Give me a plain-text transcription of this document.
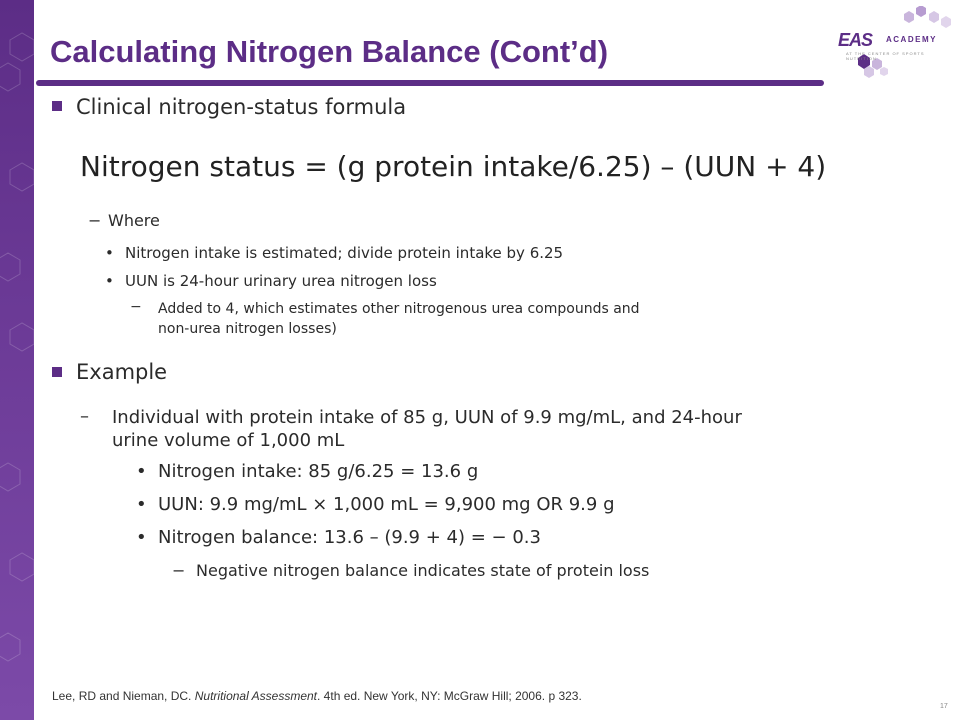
Calculating Nitrogen Balance (Cont’d)	EAS ACADEMY
AT THE CENTER OF SPORTS NUTRITION
Clinical nitrogen-status formula
Nitrogen status = (g protein intake/6.25) – (UUN + 4)
− Where
• Nitrogen intake is estimated; divide protein intake by 6.25
• UUN is 24-hour urinary urea nitrogen loss
− Added to 4, which estimates other nitrogenous urea compounds and
non-urea nitrogen losses)
Example
– Individual with protein intake of 85 g, UUN of 9.9 mg/mL, and 24-hour
urine volume of 1,000 mL
• Nitrogen intake: 85 g/6.25 = 13.6 g
• UUN: 9.9 mg/mL × 1,000 mL = 9,900 mg OR 9.9 g
• Nitrogen balance: 13.6 – (9.9 + 4) = − 0.3
− Negative nitrogen balance indicates state of protein loss
Lee, RD and Nieman, DC. Nutritional Assessment. 4th ed. New York, NY: McGraw Hill; 2006. p 323.
17
